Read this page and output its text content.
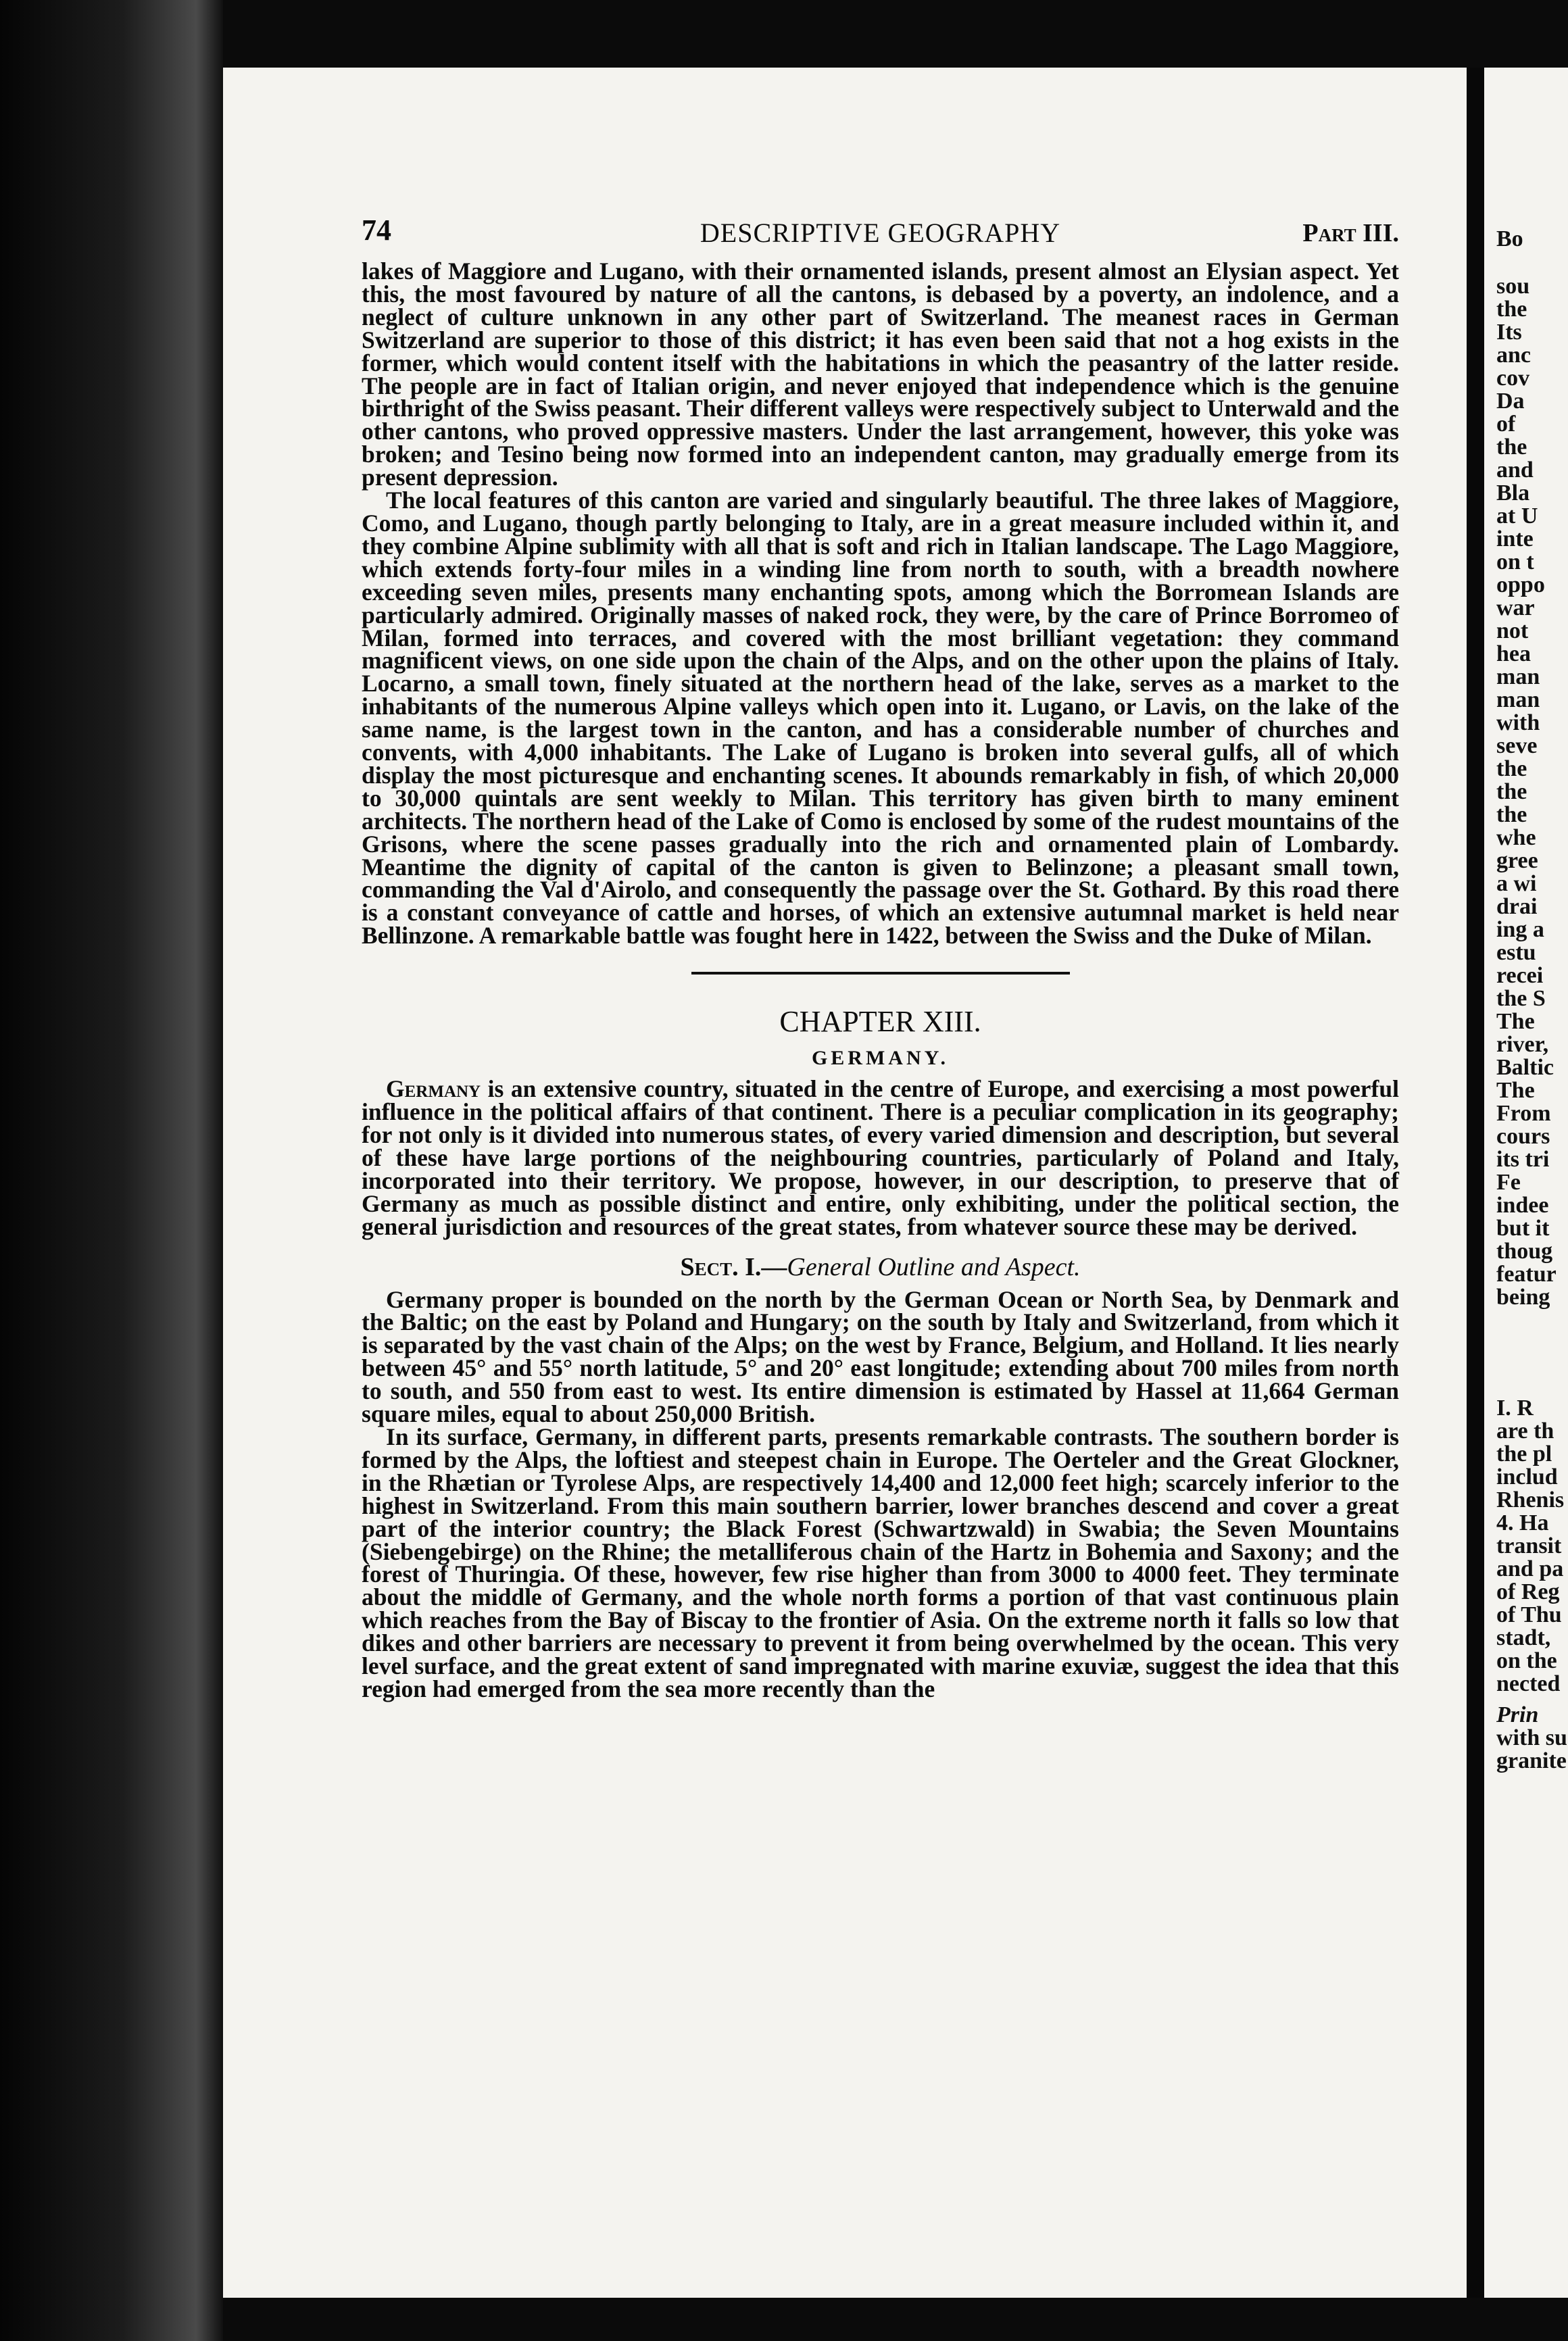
74	DESCRIPTIVE GEOGRAPHY	Part III.

lakes of Maggiore and Lugano, with their ornamented islands, present almost an Elysian aspect. Yet this, the most favoured by nature of all the cantons, is debased by a poverty, an indolence, and a neglect of culture unknown in any other part of Switzerland. The meanest races in German Switzerland are superior to those of this district; it has even been said that not a hog exists in the former, which would content itself with the habitations in which the peasantry of the latter reside. The people are in fact of Italian origin, and never enjoyed that independence which is the genuine birthright of the Swiss peasant. Their different valleys were respectively subject to Unterwald and the other cantons, who proved oppressive masters. Under the last arrangement, however, this yoke was broken; and Tesino being now formed into an independent canton, may gradually emerge from its present depression.

The local features of this canton are varied and singularly beautiful. The three lakes of Maggiore, Como, and Lugano, though partly belonging to Italy, are in a great measure included within it, and they combine Alpine sublimity with all that is soft and rich in Italian landscape. The Lago Maggiore, which extends forty-four miles in a winding line from north to south, with a breadth nowhere exceeding seven miles, presents many enchanting spots, among which the Borromean Islands are particularly admired. Originally masses of naked rock, they were, by the care of Prince Borromeo of Milan, formed into terraces, and covered with the most brilliant vegetation: they command magnificent views, on one side upon the chain of the Alps, and on the other upon the plains of Italy. Locarno, a small town, finely situated at the northern head of the lake, serves as a market to the inhabitants of the numerous Alpine valleys which open into it. Lugano, or Lavis, on the lake of the same name, is the largest town in the canton, and has a considerable number of churches and convents, with 4,000 inhabitants. The Lake of Lugano is broken into several gulfs, all of which display the most picturesque and enchanting scenes. It abounds remarkably in fish, of which 20,000 to 30,000 quintals are sent weekly to Milan. This territory has given birth to many eminent architects. The northern head of the Lake of Como is enclosed by some of the rudest mountains of the Grisons, where the scene passes gradually into the rich and ornamented plain of Lombardy. Meantime the dignity of capital of the canton is given to Belinzone; a pleasant small town, commanding the Val d'Airolo, and consequently the passage over the St. Gothard. By this road there is a constant conveyance of cattle and horses, of which an extensive autumnal market is held near Bellinzone. A remarkable battle was fought here in 1422, between the Swiss and the Duke of Milan.

CHAPTER XIII.
GERMANY.

Germany is an extensive country, situated in the centre of Europe, and exercising a most powerful influence in the political affairs of that continent. There is a peculiar complication in its geography; for not only is it divided into numerous states, of every varied dimension and description, but several of these have large portions of the neighbouring countries, particularly of Poland and Italy, incorporated into their territory. We propose, however, in our description, to preserve that of Germany as much as possible distinct and entire, only exhibiting, under the political section, the general jurisdiction and resources of the great states, from whatever source these may be derived.

Sect. I.—General Outline and Aspect.

Germany proper is bounded on the north by the German Ocean or North Sea, by Denmark and the Baltic; on the east by Poland and Hungary; on the south by Italy and Switzerland, from which it is separated by the vast chain of the Alps; on the west by France, Belgium, and Holland. It lies nearly between 45° and 55° north latitude, 5° and 20° east longitude; extending about 700 miles from north to south, and 550 from east to west. Its entire dimension is estimated by Hassel at 11,664 German square miles, equal to about 250,000 British.

In its surface, Germany, in different parts, presents remarkable contrasts. The southern border is formed by the Alps, the loftiest and steepest chain in Europe. The Oerteler and the Great Glockner, in the Rhætian or Tyrolese Alps, are respectively 14,400 and 12,000 feet high; scarcely inferior to the highest in Switzerland. From this main southern barrier, lower branches descend and cover a great part of the interior country; the Black Forest (Schwartzwald) in Swabia; the Seven Mountains (Siebengebirge) on the Rhine; the metalliferous chain of the Hartz in Bohemia and Saxony; and the forest of Thuringia. Of these, however, few rise higher than from 3000 to 4000 feet. They terminate about the middle of Germany, and the whole north forms a portion of that vast continuous plain which reaches from the Bay of Biscay to the frontier of Asia. On the extreme north it falls so low that dikes and other barriers are necessary to prevent it from being overwhelmed by the ocean. This very level surface, and the great extent of sand impregnated with marine exuviæ, suggest the idea that this region had emerged from the sea more recently than the

Bo
sou
the
Its
anc
cov
Da
of
the
and
Bla
at U
inte
on t
oppo
war
not
hea
man
man
with
seve
the
the
the
whe
gree
a wi
drai
ing a
estu
recei
the S
The
river,
Baltic
The
From
cours
its tri
Fe
indee
but it
thoug
featur
being
I. R
are th
the pl
includ
Rhenis
4. Ha
transit
and pa
of Reg
of Thu
stadt,
on the
nected
Prin
with su
granite
